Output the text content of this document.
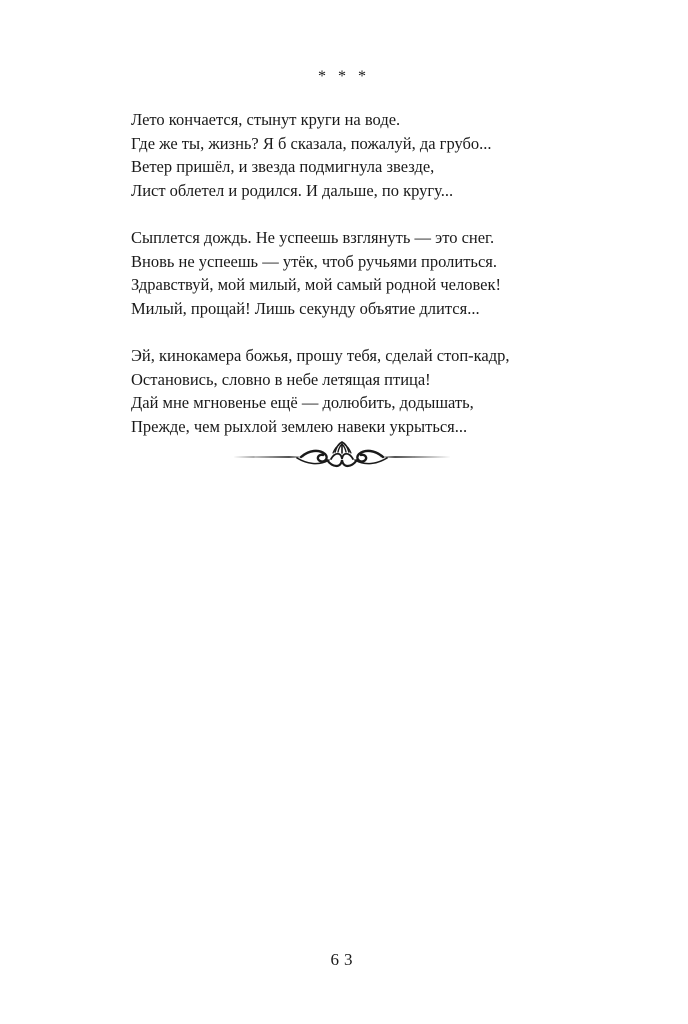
* * *
Лето кончается, стынут круги на воде.
Где же ты, жизнь? Я б сказала, пожалуй, да грубо...
Ветер пришёл, и звезда подмигнула звезде,
Лист облетел и родился. И дальше, по кругу...
Сыплется дождь. Не успеешь взглянуть — это снег.
Вновь не успеешь — утёк, чтоб ручьями пролиться.
Здравствуй, мой милый, мой самый родной человек!
Милый, прощай! Лишь секунду объятие длится...
Эй, кинокамера божья, прошу тебя, сделай стоп-кадр,
Остановись, словно в небе летящая птица!
Дай мне мгновенье ещё — долюбить, додышать,
Прежде, чем рыхлой землею навеки укрыться...
63
